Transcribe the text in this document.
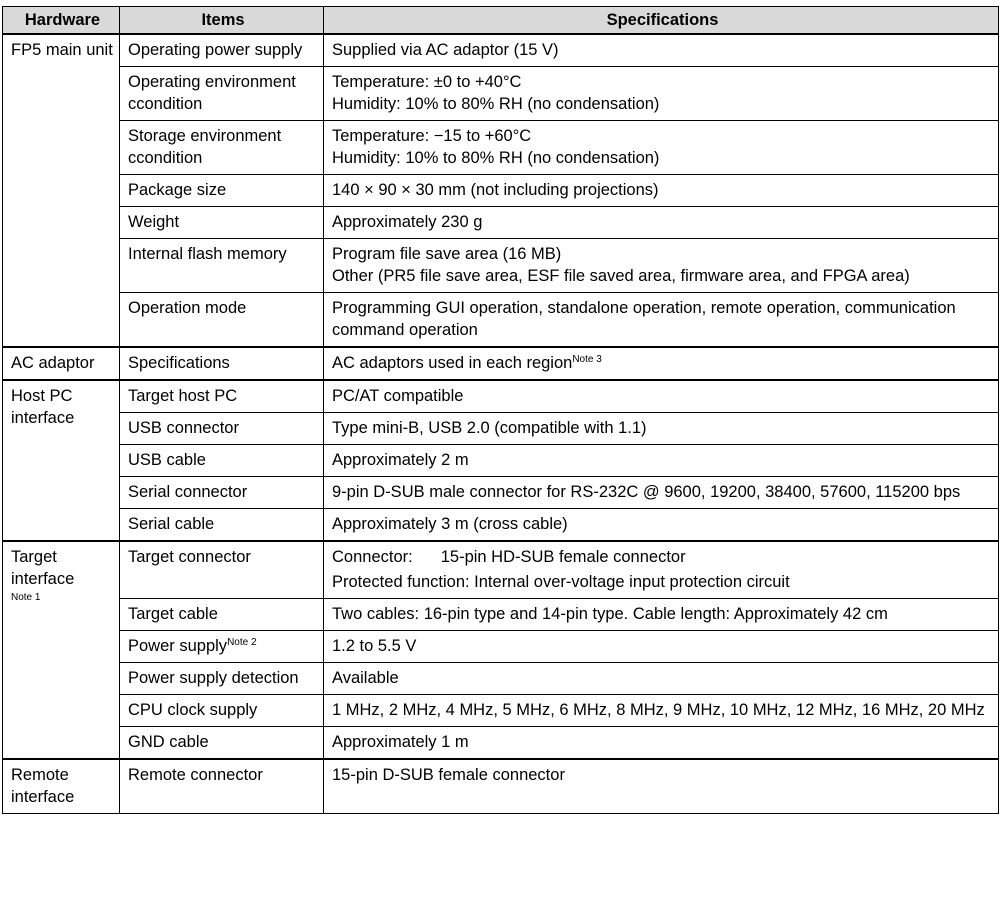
Hardware	Items	Specifications
FP5 main unit	Operating power supply	Supplied via AC adaptor (15 V)

	Operating environment ccondition	Temperature: ±0 to +40°C
Humidity: 10% to 80% RH (no condensation)

	Storage environment ccondition	Temperature: −15 to +60°C
Humidity: 10% to 80% RH (no condensation)

	Package size	140 × 90 × 30 mm (not including projections)

	Weight	Approximately 230 g

	Internal flash memory	Program file save area (16 MB)
Other (PR5 file save area, ESF file saved area, firmware area, and FPGA area)

	Operation mode	Programming GUI operation, standalone operation, remote operation, communication command operation

AC adaptor	Specifications	AC adaptors used in each region$^{Note 3}$

Host PC interface	Target host PC	PC/AT compatible

	USB connector	Type mini-B, USB 2.0 (compatible with 1.1)

	USB cable	Approximately 2 m

	Serial connector	9-pin D-SUB male connector for RS-232C @ 9600, 19200, 38400, 57600, 115200 bps

	Serial cable	Approximately 3 m (cross cable)

Target interface
Note 1	Target connector	Connector: 15-pin HD-SUB female connector
Protected function: Internal over-voltage input protection circuit

	Target cable	Two cables: 16-pin type and 14-pin type. Cable length: Approximately 42 cm

	Power supply$^{Note 2}$	1.2 to 5.5 V

	Power supply detection	Available

	CPU clock supply	1 MHz, 2 MHz, 4 MHz, 5 MHz, 6 MHz, 8 MHz, 9 MHz, 10 MHz, 12 MHz, 16 MHz, 20 MHz

	GND cable	Approximately 1 m

Remote interface	Remote connector	15-pin D-SUB female connector
